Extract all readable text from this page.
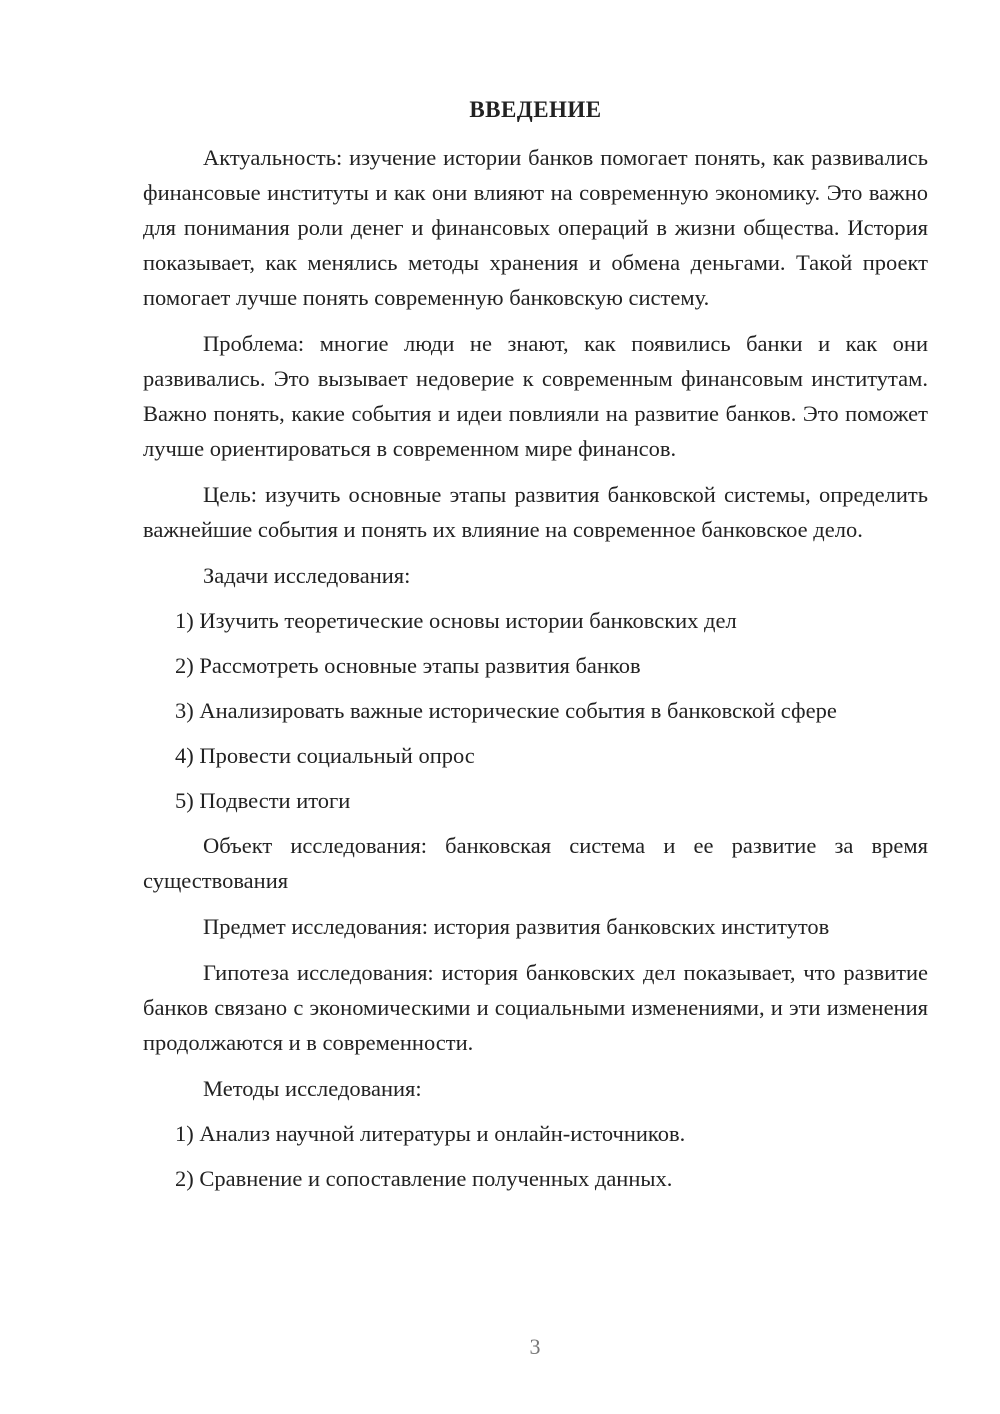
ВВЕДЕНИЕ

Актуальность: изучение истории банков помогает понять, как развивались финансовые институты и как они влияют на современную экономику. Это важно для понимания роли денег и финансовых операций в жизни общества. История показывает, как менялись методы хранения и обмена деньгами. Такой проект помогает лучше понять современную банковскую систему.

Проблема: многие люди не знают, как появились банки и как они развивались. Это вызывает недоверие к современным финансовым институтам. Важно понять, какие события и идеи повлияли на развитие банков. Это поможет лучше ориентироваться в современном мире финансов.

Цель: изучить основные этапы развития банковской системы, определить важнейшие события и понять их влияние на современное банковское дело.

Задачи исследования:
1) Изучить теоретические основы истории банковских дел
2) Рассмотреть основные этапы развития банков
3) Анализировать важные исторические события в банковской сфере
4) Провести социальный опрос
5) Подвести итоги

Объект исследования: банковская система и ее развитие за время существования

Предмет исследования: история развития банковских институтов

Гипотеза исследования: история банковских дел показывает, что развитие банков связано с экономическими и социальными изменениями, и эти изменения продолжаются и в современности.

Методы исследования:
1) Анализ научной литературы и онлайн-источников.
2) Сравнение и сопоставление полученных данных.
3
